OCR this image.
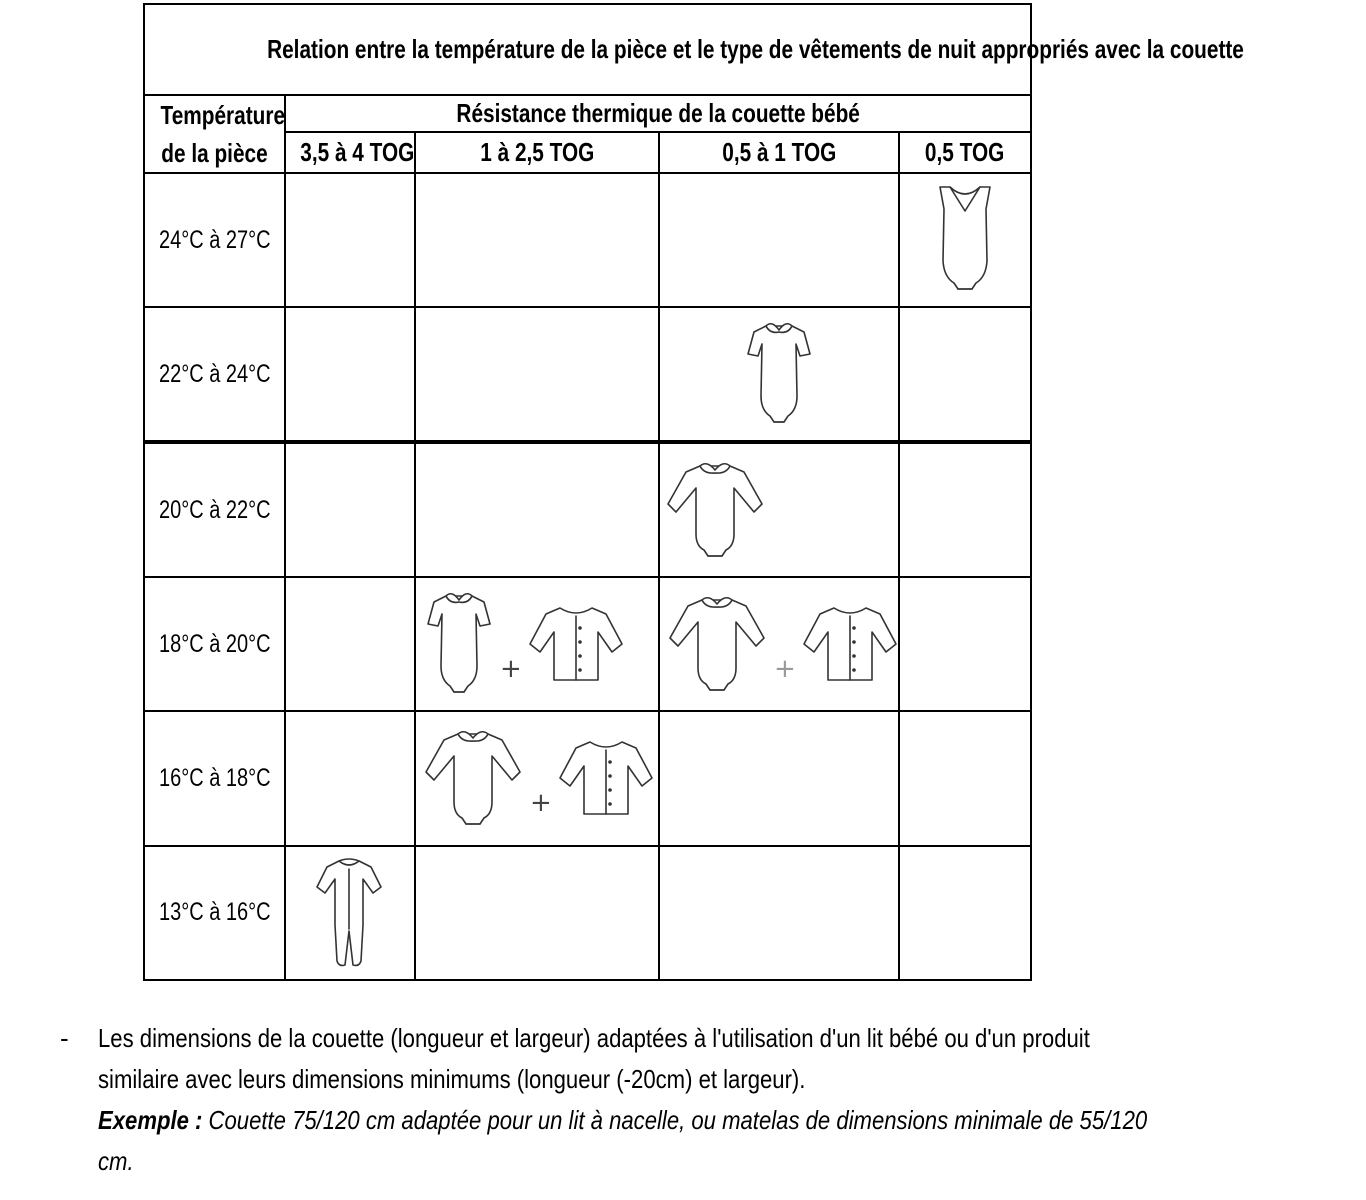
Relation entre la température de la pièce et le type de vêtements de nuit appropriés avec la couette				
Température
de la pièce	Résistance thermique de la couette bébé			
	3,5 à 4 TOG	1 à 2,5 TOG	0,5 à 1 TOG	0,5 TOG
24°C à 27°C				

22°C à 24°C			

20°C à 22°C			

18°C à 20°C		+	+	

16°C à 18°C		+		

13°C à 16°C	

- Les dimensions de la couette (longueur et largeur) adaptées à l'utilisation d'un lit bébé ou d'un produit
similaire avec leurs dimensions minimums (longueur (-20cm) et largeur).
Exemple : Couette 75/120 cm adaptée pour un lit à nacelle, ou matelas de dimensions minimale de 55/120
cm.
